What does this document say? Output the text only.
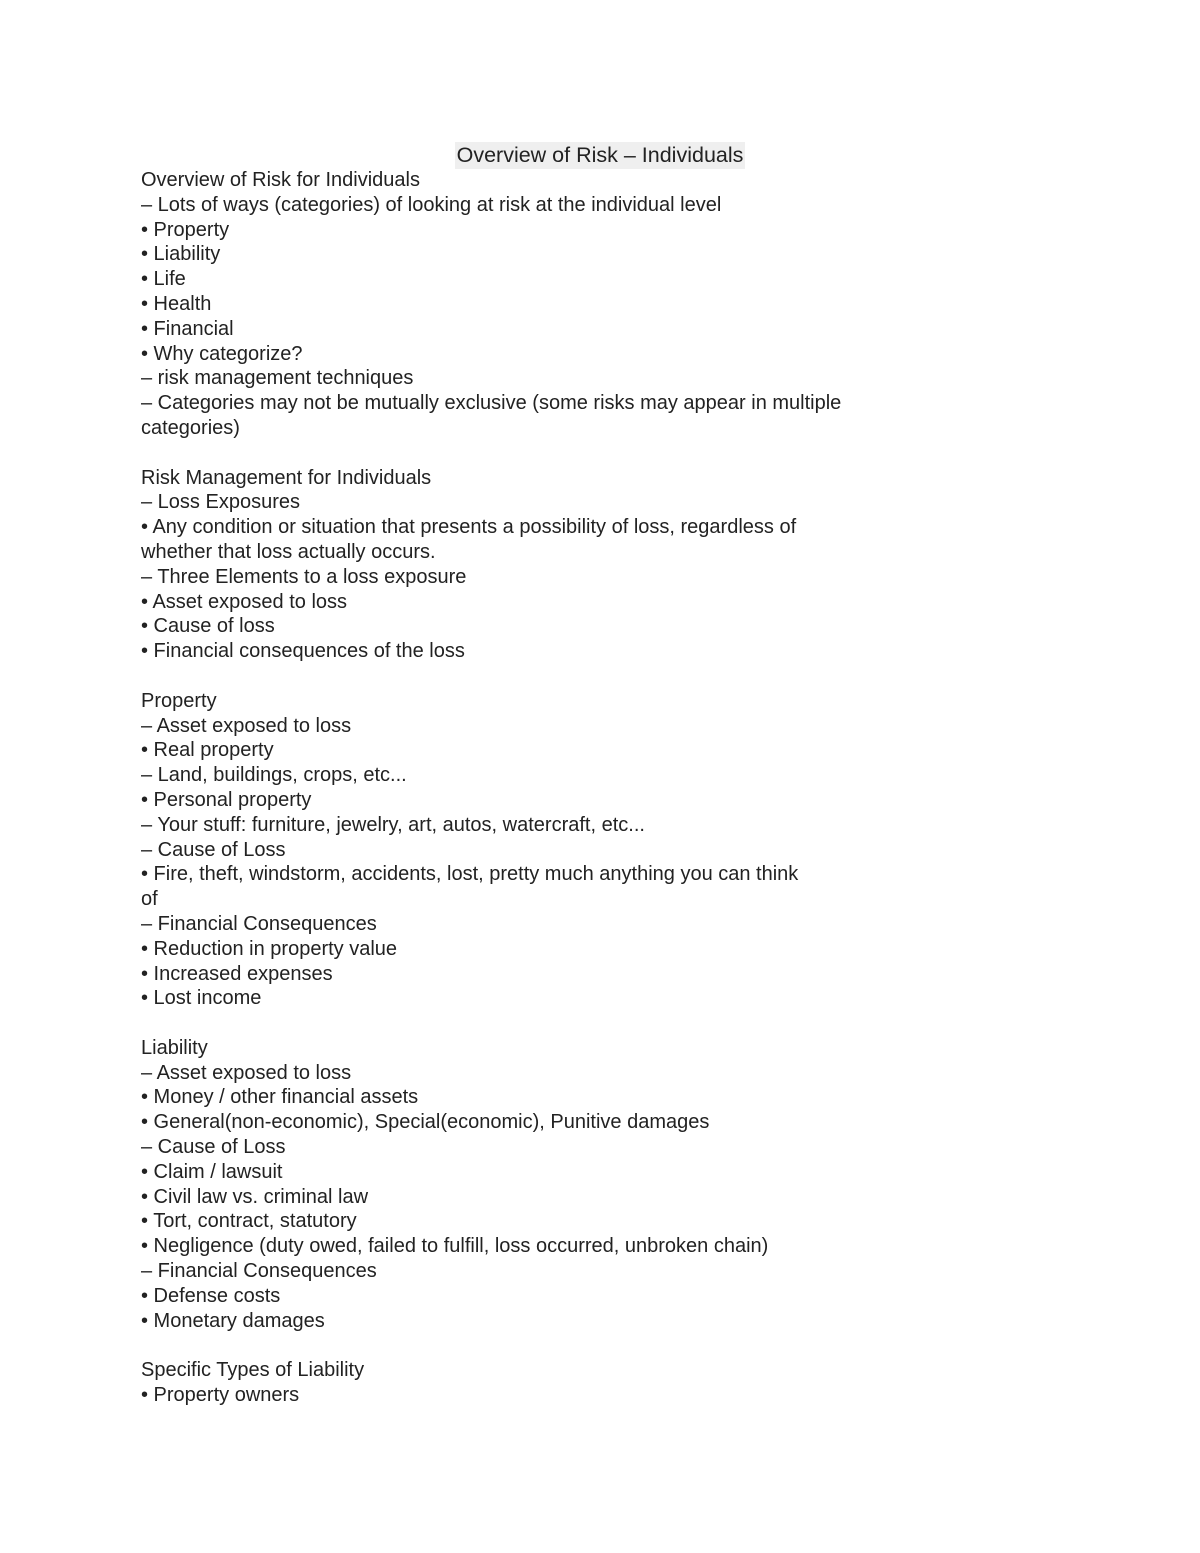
Overview of Risk – Individuals
Overview of Risk for Individuals
– Lots of ways (categories) of looking at risk at the individual level
• Property
• Liability
• Life
• Health
• Financial
• Why categorize?
– risk management techniques
– Categories may not be mutually exclusive (some risks may appear in multiple
categories)
Risk Management for Individuals
– Loss Exposures
• Any condition or situation that presents a possibility of loss, regardless of
whether that loss actually occurs.
– Three Elements to a loss exposure
• Asset exposed to loss
• Cause of loss
• Financial consequences of the loss
Property
– Asset exposed to loss
• Real property
– Land, buildings, crops, etc...
• Personal property
– Your stuff: furniture, jewelry, art, autos, watercraft, etc...
– Cause of Loss
• Fire, theft, windstorm, accidents, lost, pretty much anything you can think
of
– Financial Consequences
• Reduction in property value
• Increased expenses
• Lost income
Liability
– Asset exposed to loss
• Money / other financial assets
• General(non-economic), Special(economic), Punitive damages
– Cause of Loss
• Claim / lawsuit
• Civil law vs. criminal law
• Tort, contract, statutory
• Negligence (duty owed, failed to fulfill, loss occurred, unbroken chain)
– Financial Consequences
• Defense costs
• Monetary damages
Specific Types of Liability
• Property owners
